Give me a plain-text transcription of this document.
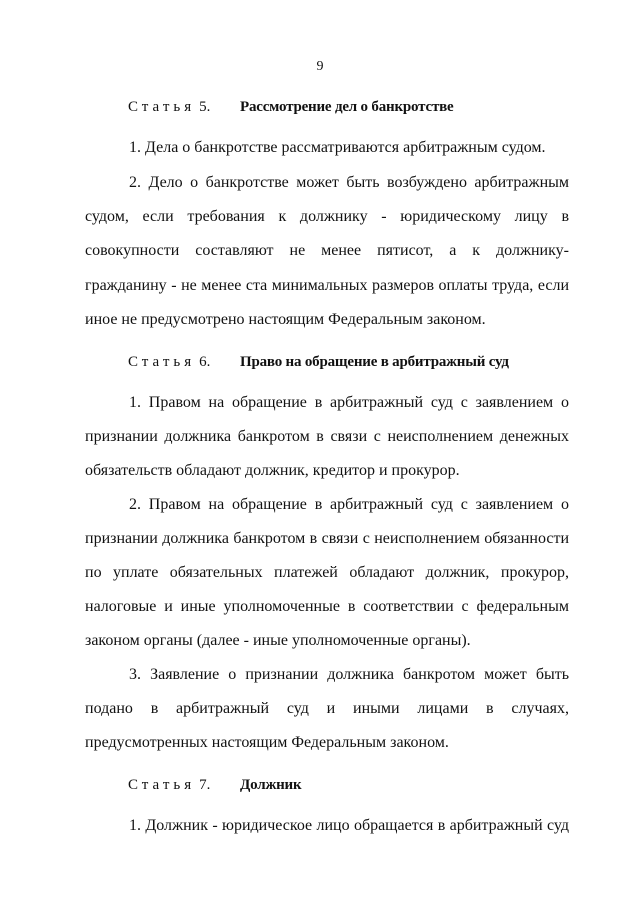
9
Статья 5. Рассмотрение дел о банкротстве
1. Дела о банкротстве рассматриваются арбитражным судом.
2. Дело о банкротстве может быть возбуждено арбитражным
судом, если требования к должнику - юридическому лицу в
совокупности составляют не менее пятисот, а к должнику-
гражданину - не менее ста минимальных размеров оплаты труда, если
иное не предусмотрено настоящим Федеральным законом.
Статья 6. Право на обращение в арбитражный суд
1. Правом на обращение в арбитражный суд с заявлением о
признании должника банкротом в связи с неисполнением денежных
обязательств обладают должник, кредитор и прокурор.
2. Правом на обращение в арбитражный суд с заявлением о
признании должника банкротом в связи с неисполнением обязанности
по уплате обязательных платежей обладают должник, прокурор,
налоговые и иные уполномоченные в соответствии с федеральным
законом органы (далее - иные уполномоченные органы).
3. Заявление о признании должника банкротом может быть
подано в арбитражный суд и иными лицами в случаях,
предусмотренных настоящим Федеральным законом.
Статья 7. Должник
1. Должник - юридическое лицо обращается в арбитражный суд
